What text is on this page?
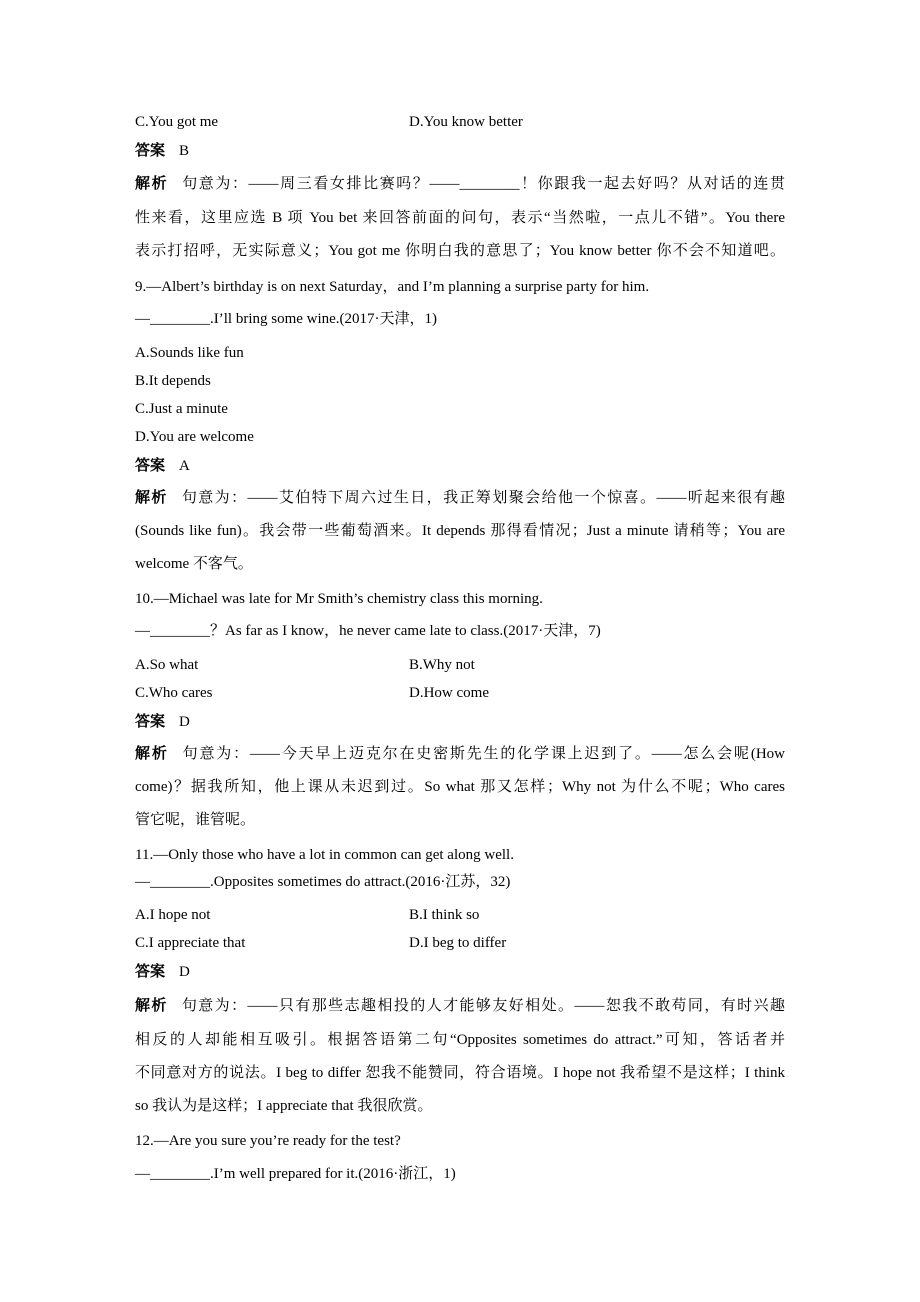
C.You got me	D.You know better
答案 B
解析 句意为：——周三看女排比赛吗？——________！你跟我一起去好吗？从对话的连贯
性来看，这里应选 B 项 You bet 来回答前面的问句，表示“当然啦，一点儿不错”。You there
表示打招呼，无实际意义；You got me 你明白我的意思了；You know better 你不会不知道吧。
9.—Albert’s birthday is on next Saturday，and I’m planning a surprise party for him.
—________.I’ll bring some wine.(2017·天津，1)
A.Sounds like fun
B.It depends
C.Just a minute
D.You are welcome
答案 A
解析 句意为：——艾伯特下周六过生日，我正筹划聚会给他一个惊喜。——听起来很有趣
(Sounds like fun)。我会带一些葡萄酒来。It depends 那得看情况；Just a minute 请稍等；You are
welcome 不客气。
10.—Michael was late for Mr Smith’s chemistry class this morning.
—________？As far as I know，he never came late to class.(2017·天津，7)
A.So what	B.Why not
C.Who cares	D.How come
答案 D
解析 句意为：——今天早上迈克尔在史密斯先生的化学课上迟到了。——怎么会呢(How
come)？据我所知，他上课从未迟到过。So what 那又怎样；Why not 为什么不呢；Who cares
管它呢，谁管呢。
11.—Only those who have a lot in common can get along well.
—________.Opposites sometimes do attract.(2016·江苏，32)
A.I hope not	B.I think so
C.I appreciate that	D.I beg to differ
答案 D
解析 句意为：——只有那些志趣相投的人才能够友好相处。——恕我不敢苟同，有时兴趣
相反的人却能相互吸引。根据答语第二句“Opposites sometimes do attract.”可知，答话者并
不同意对方的说法。I beg to differ 恕我不能赞同，符合语境。I hope not 我希望不是这样；I think
so 我认为是这样；I appreciate that 我很欣赏。
12.—Are you sure you’re ready for the test?
—________.I’m well prepared for it.(2016·浙江，1)
